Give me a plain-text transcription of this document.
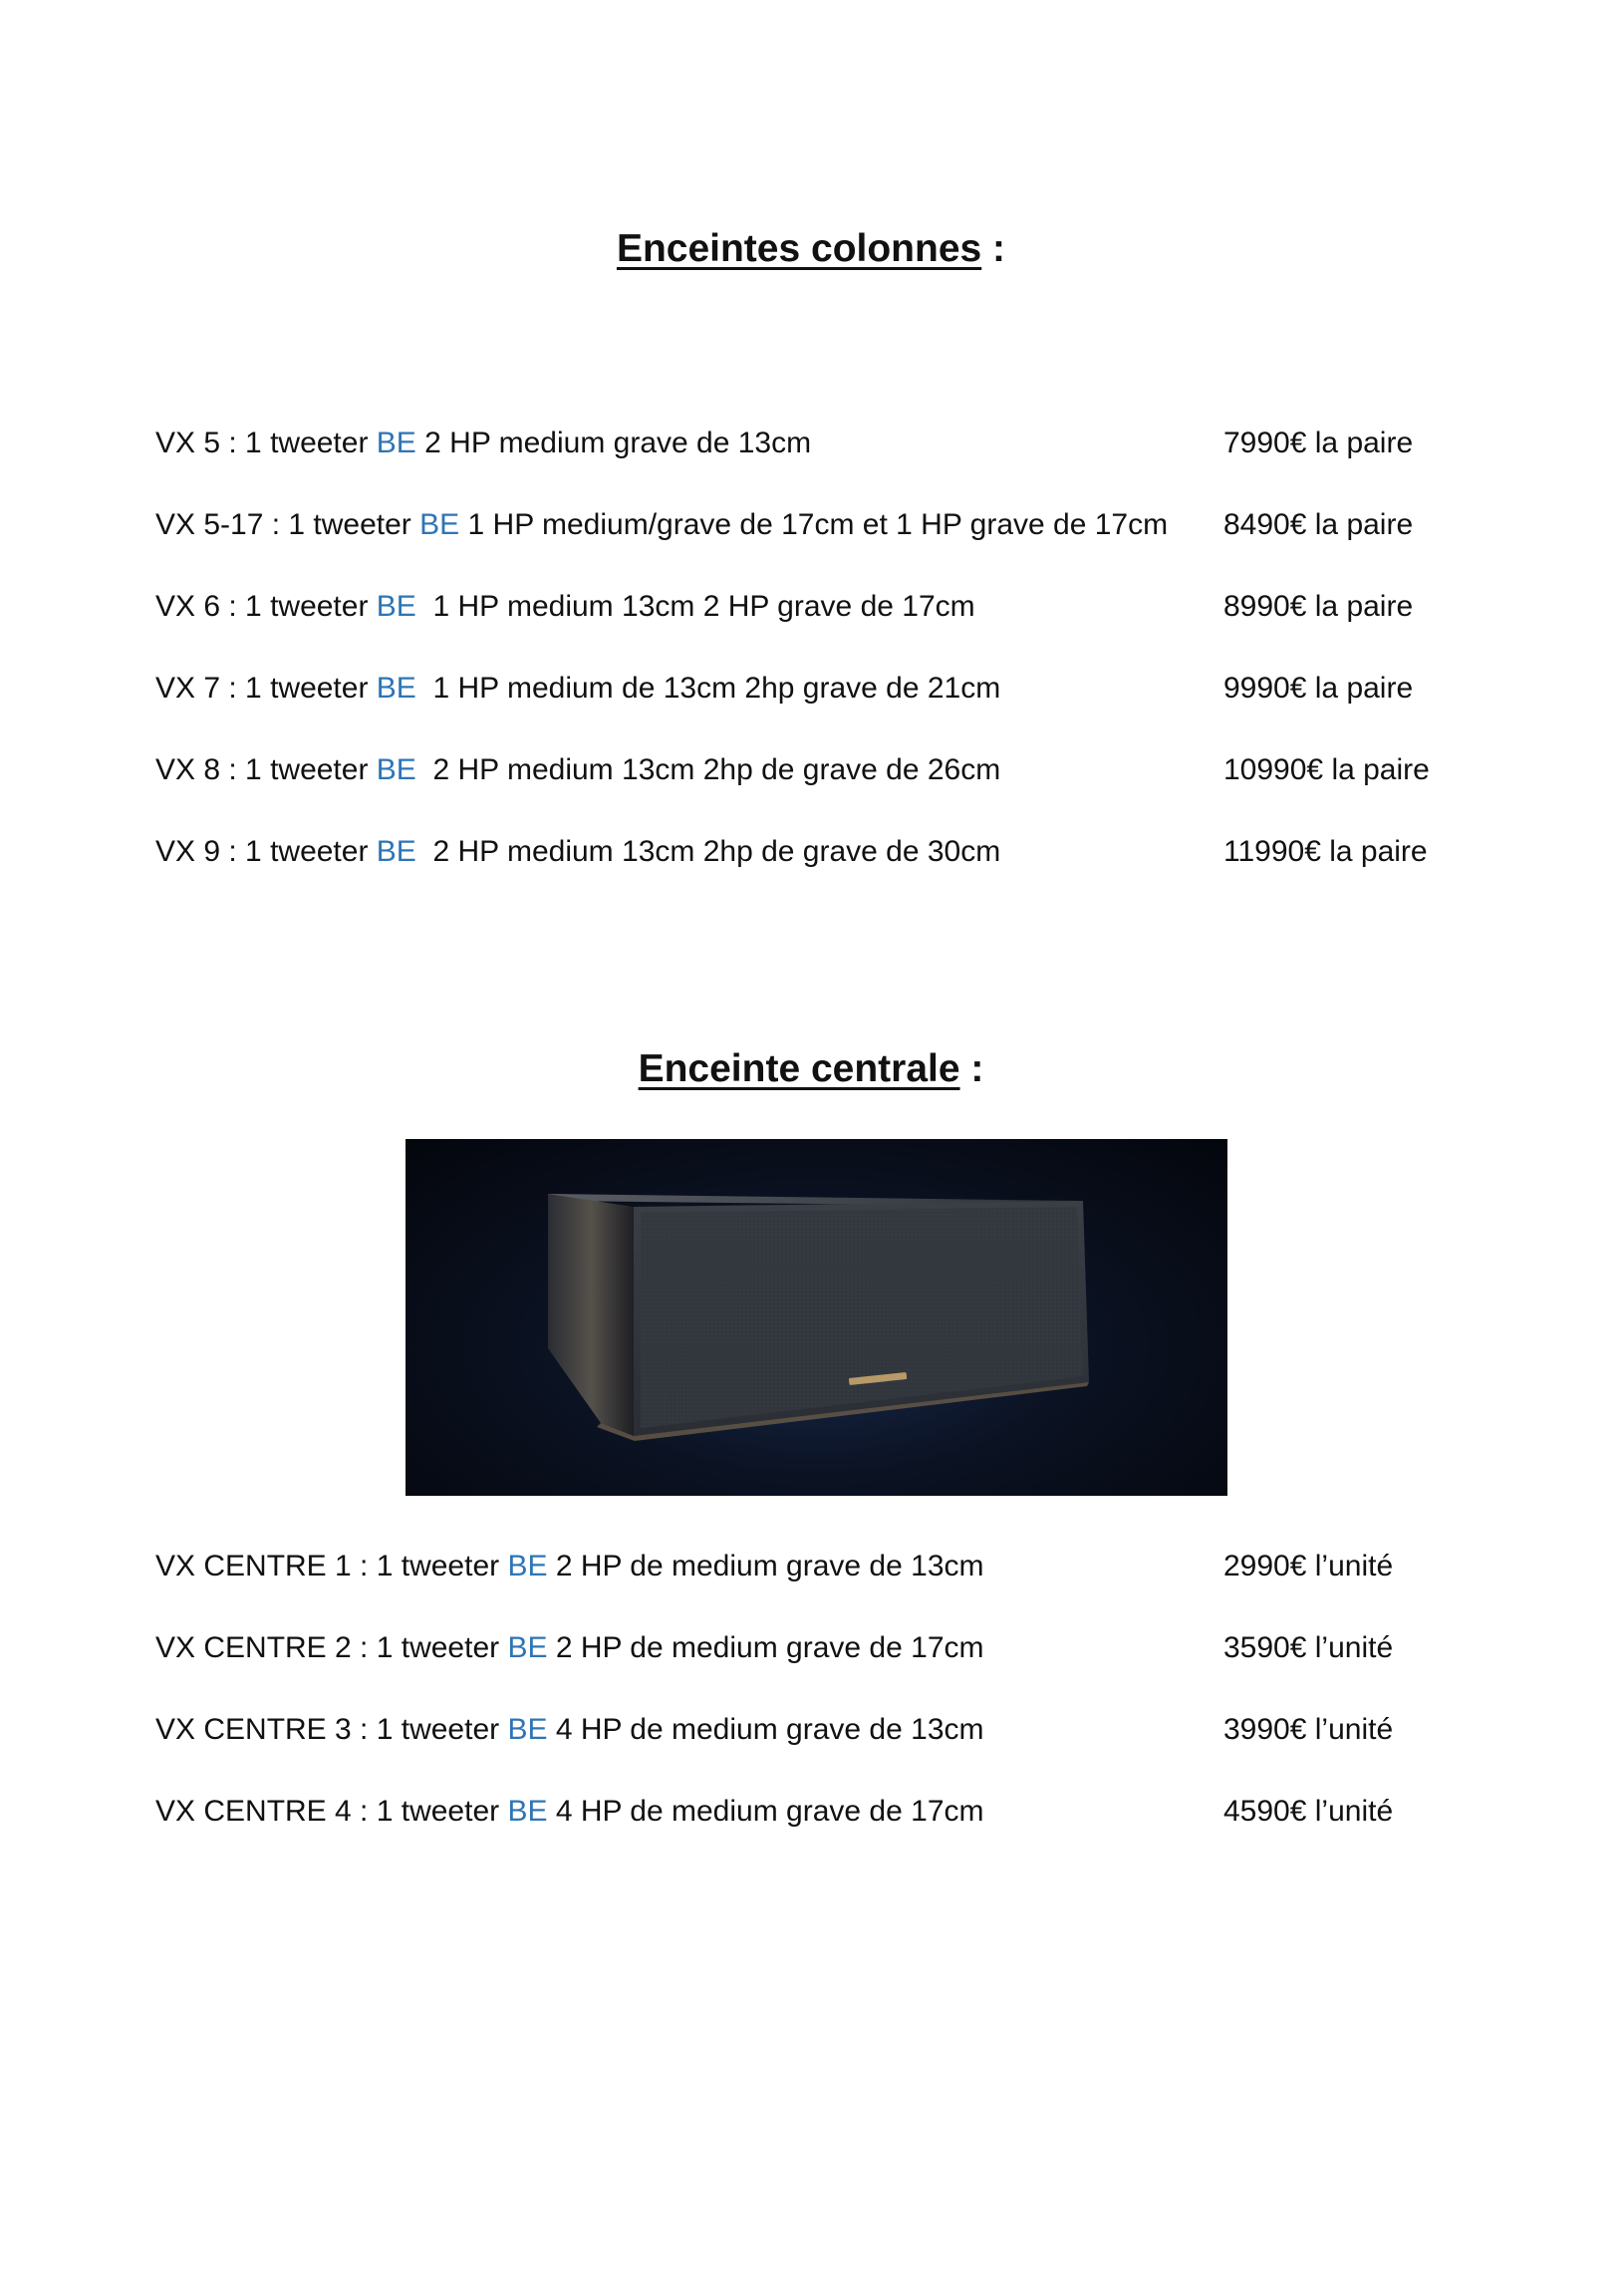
Enceintes colonnes :
VX 5 : 1 tweeter BE 2 HP medium grave de 13cm	7990€ la paire
VX 5-17 : 1 tweeter BE 1 HP medium/grave de 17cm et 1 HP grave de 17cm 8490€ la paire
VX 6 : 1 tweeter BE  1 HP medium 13cm 2 HP grave de 17cm	8990€ la paire
VX 7 : 1 tweeter BE  1 HP medium de 13cm 2hp grave de 21cm	9990€ la paire
VX 8 : 1 tweeter BE  2 HP medium 13cm 2hp de grave de 26cm	10990€ la paire
VX 9 : 1 tweeter BE  2 HP medium 13cm 2hp de grave de 30cm	11990€ la paire
Enceinte centrale :
VX CENTRE 1 : 1 tweeter BE 2 HP de medium grave de 13cm	2990€ l’unité
VX CENTRE 2 : 1 tweeter BE 2 HP de medium grave de 17cm	3590€ l’unité
VX CENTRE 3 : 1 tweeter BE 4 HP de medium grave de 13cm	3990€ l’unité
VX CENTRE 4 : 1 tweeter BE 4 HP de medium grave de 17cm	4590€ l’unité
